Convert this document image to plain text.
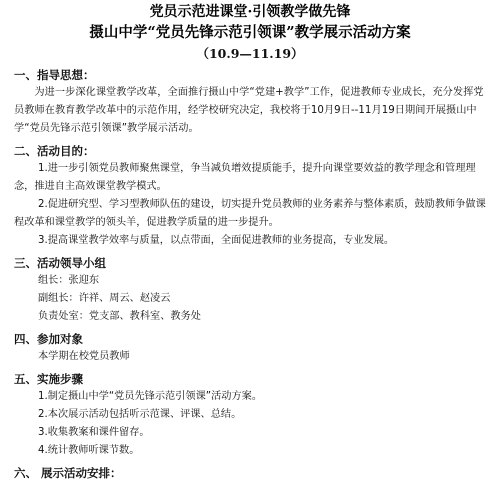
党员示范进课堂·引领教学做先锋
摄山中学“党员先锋示范引领课”教学展示活动方案
（10.9—11.19）
一、指导思想：

为进一步深化课堂教学改革，全面推行摄山中学“党建+教学”工作，促进教师专业成长，充分发挥党员教师在教育教学改革中的示范作用，经学校研究决定，我校将于10月9日--11月19日期间开展摄山中学“党员先锋示范引领课”教学展示活动。

二、活动目的：

1.进一步引领党员教师聚焦课堂，争当减负增效提质能手，提升向课堂要效益的教学理念和管理理念，推进自主高效课堂教学模式。

2.促进研究型、学习型教师队伍的建设，切实提升党员教师的业务素养与整体素质，鼓励教师争做课程改革和课堂教学的领头羊，促进教学质量的进一步提升。

3.提高课堂教学效率与质量，以点带面，全面促进教师的业务提高，专业发展。

三、活动领导小组

组长：张迎东

副组长：许祥、周云、赵凌云

负责处室：党支部、教科室、教务处

四、参加对象

本学期在校党员教师

五、实施步骤

1.制定摄山中学“党员先锋示范引领课”活动方案。

2.本次展示活动包括听示范课、评课、总结。

3.收集教案和课件留存。

4.统计教师听课节数。

六、 展示活动安排：
